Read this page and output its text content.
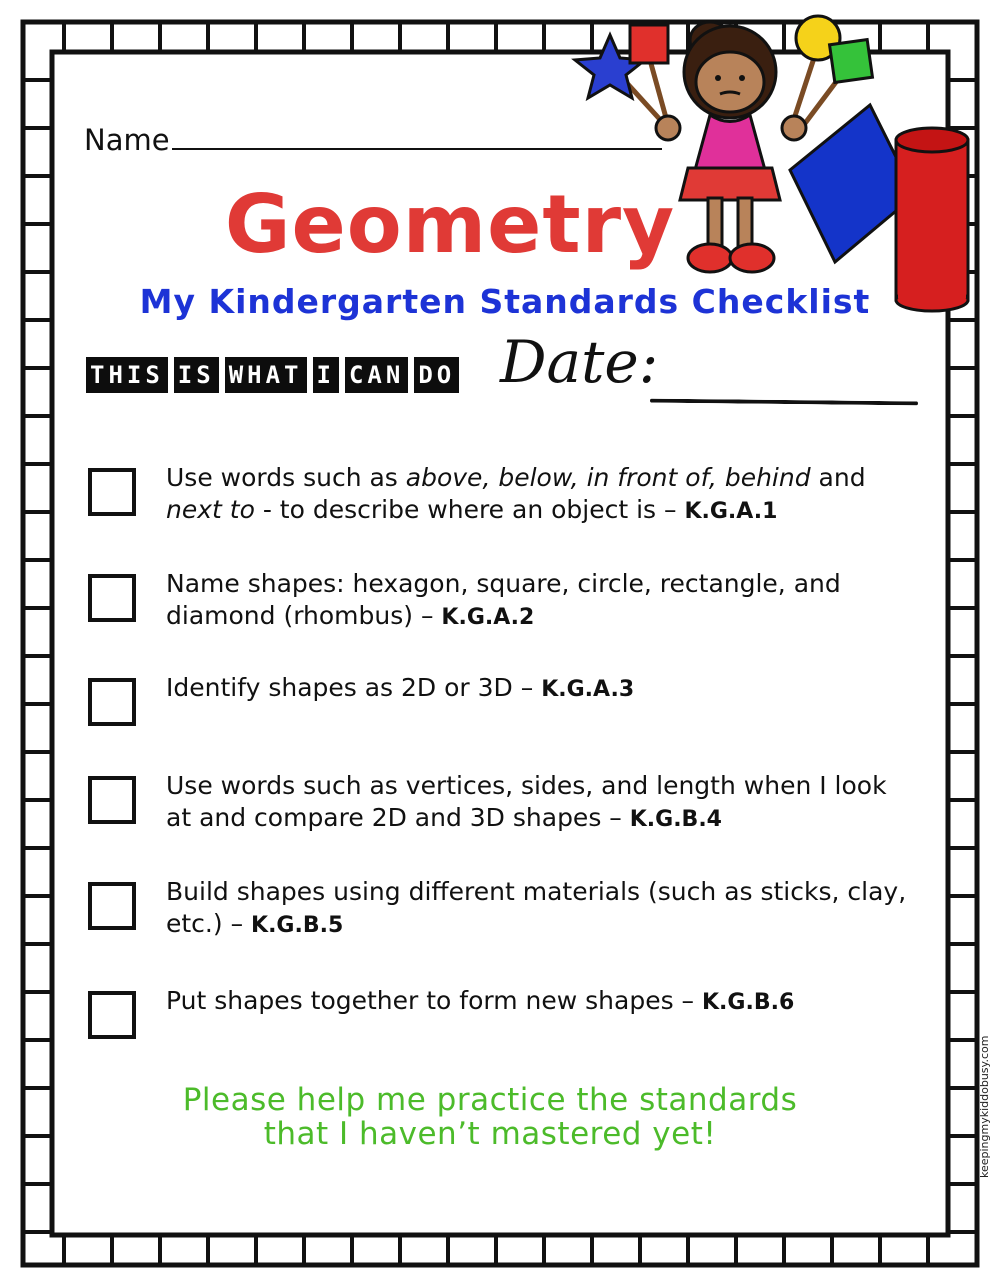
Name
Geometry
My Kindergarten Standards Checklist
THIS IS WHAT I CAN DO Date:
Use words such as above, below, in front of, behind and next to - to describe where an object is – K.G.A.1
Name shapes: hexagon, square, circle, rectangle, and diamond (rhombus) – K.G.A.2
Identify shapes as 2D or 3D – K.G.A.3
Use words such as vertices, sides, and length when I look at and compare 2D and 3D shapes – K.G.B.4
Build shapes using different materials (such as sticks, clay, etc.) – K.G.B.5
Put shapes together to form new shapes – K.G.B.6
Please help me practice the standards
that I haven’t mastered yet!	keepingmykiddobusy.com
